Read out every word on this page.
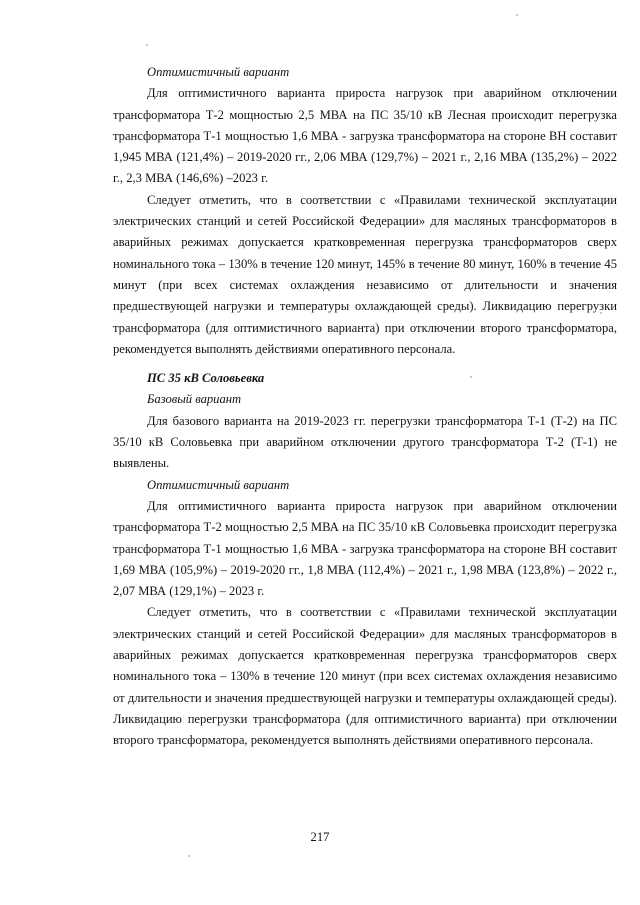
Оптимистичный вариант

Для оптимистичного варианта прироста нагрузок при аварийном отключении трансформатора Т-2 мощностью 2,5 МВА на ПС 35/10 кВ Лесная происходит перегрузка трансформатора Т-1 мощностью 1,6 МВА - загрузка трансформатора на стороне ВН составит 1,945 МВА (121,4%) – 2019-2020 гг., 2,06 МВА (129,7%) – 2021 г., 2,16 МВА (135,2%) – 2022 г., 2,3 МВА (146,6%) –2023 г.

Следует отметить, что в соответствии с «Правилами технической эксплуатации электрических станций и сетей Российской Федерации» для масляных трансформаторов в аварийных режимах допускается кратковременная перегрузка трансформаторов сверх номинального тока – 130% в течение 120 минут, 145% в течение 80 минут, 160% в течение 45 минут (при всех системах охлаждения независимо от длительности и значения предшествующей нагрузки и температуры охлаждающей среды). Ликвидацию перегрузки трансформатора (для оптимистичного варианта) при отключении второго трансформатора, рекомендуется выполнять действиями оперативного персонала.

ПС 35 кВ Соловьевка
Базовый вариант

Для базового варианта на 2019-2023 гг. перегрузки трансформатора Т-1 (Т-2) на ПС 35/10 кВ Соловьевка при аварийном отключении другого трансформатора Т-2 (Т-1) не выявлены.

Оптимистичный вариант

Для оптимистичного варианта прироста нагрузок при аварийном отключении трансформатора Т-2 мощностью 2,5 МВА на ПС 35/10 кВ Соловьевка происходит перегрузка трансформатора Т-1 мощностью 1,6 МВА - загрузка трансформатора на стороне ВН составит 1,69 МВА (105,9%) – 2019-2020 гг., 1,8 МВА (112,4%) – 2021 г., 1,98 МВА (123,8%) – 2022 г., 2,07 МВА (129,1%) – 2023 г.

Следует отметить, что в соответствии с «Правилами технической эксплуатации электрических станций и сетей Российской Федерации» для масляных трансформаторов в аварийных режимах допускается кратковременная перегрузка трансформаторов сверх номинального тока – 130% в течение 120 минут (при всех системах охлаждения независимо от длительности и значения предшествующей нагрузки и температуры охлаждающей среды). Ликвидацию перегрузки трансформатора (для оптимистичного варианта) при отключении второго трансформатора, рекомендуется выполнять действиями оперативного персонала.

217
